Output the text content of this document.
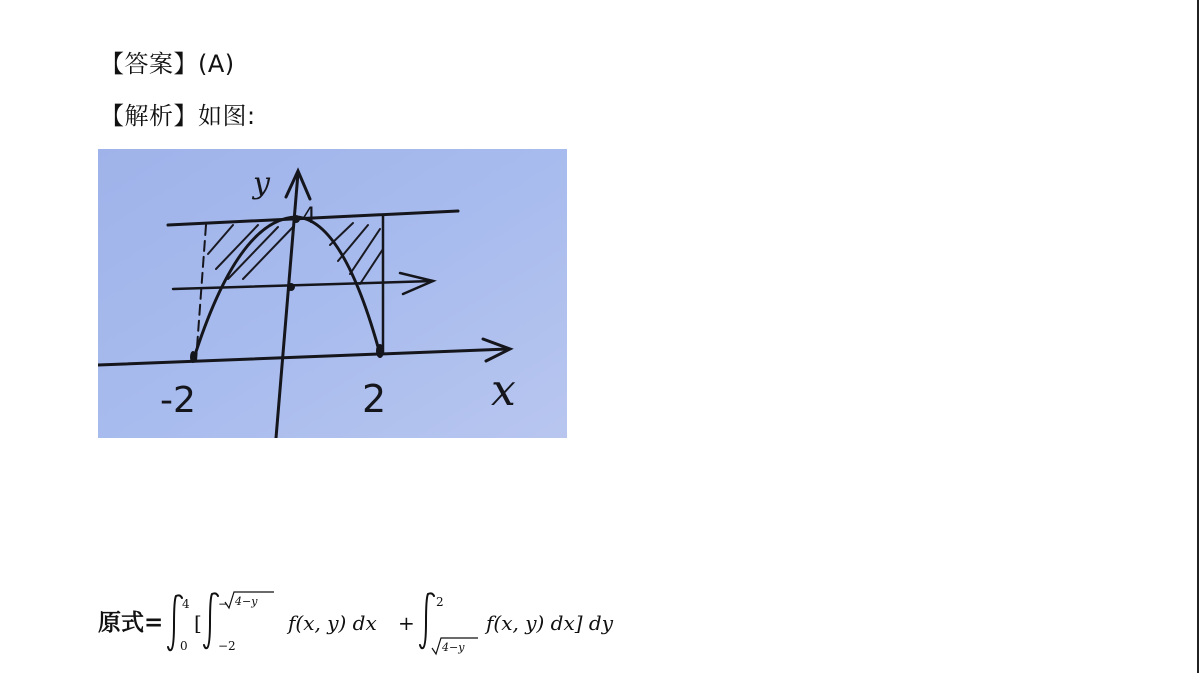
【答案】(A)
【解析】如图:
y
4
-2	2 x
原式=
4
0
[
−2
− 4−y
f(x, y) dx +
2
4−y
f(x, y) dx] dy
